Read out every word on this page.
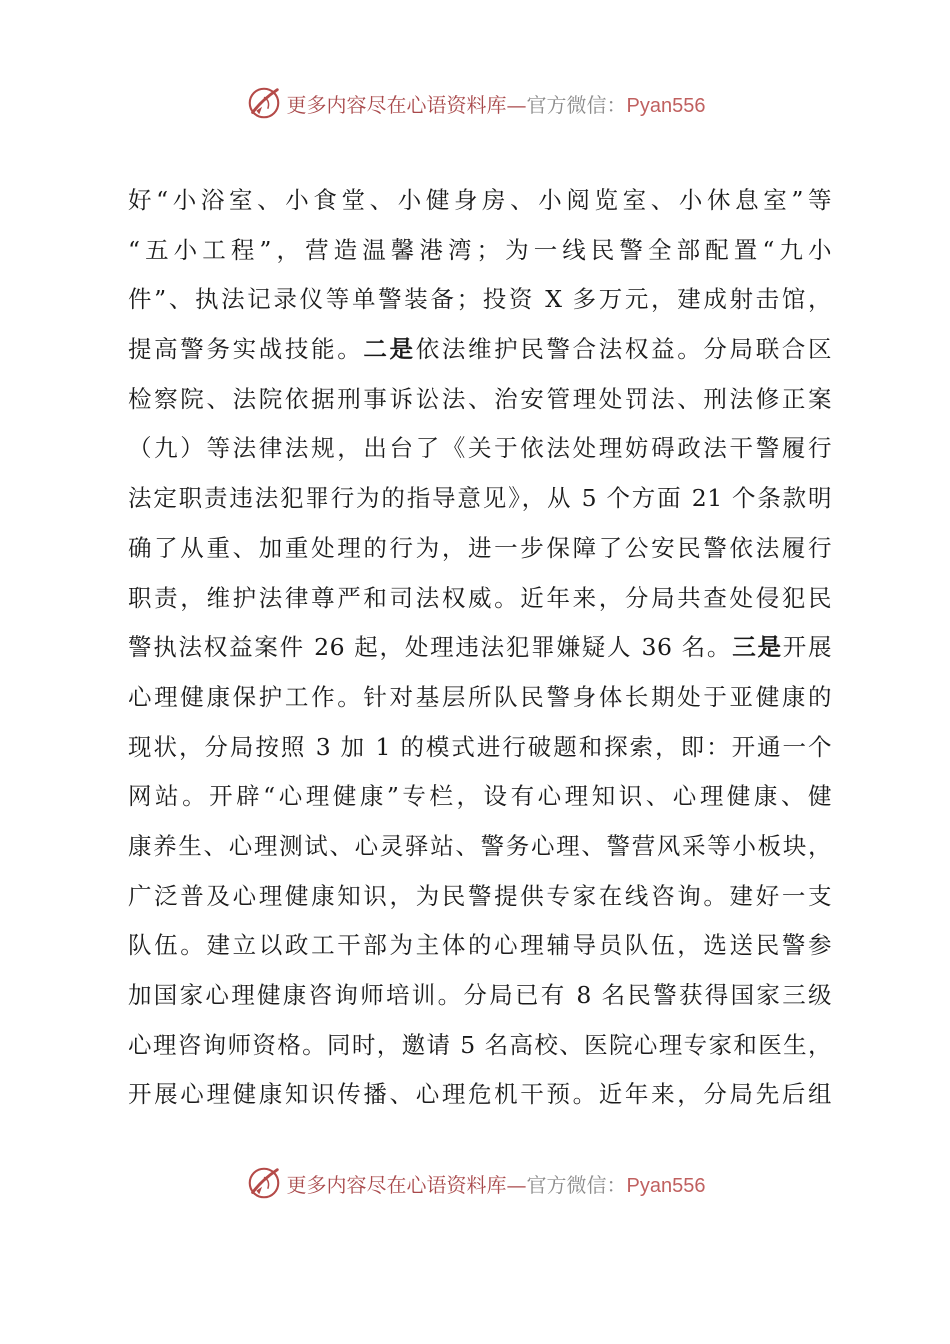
更多内容尽在心语资料库—官方微信：Pyan556
好“小浴室、小食堂、小健身房、小阅览室、小休息室”等
“五小工程”，营造温馨港湾；为一线民警全部配置“九小
件”、执法记录仪等单警装备；投资 X 多万元，建成射击馆，
提高警务实战技能。二是依法维护民警合法权益。分局联合区
检察院、法院依据刑事诉讼法、治安管理处罚法、刑法修正案
（九）等法律法规，出台了《关于依法处理妨碍政法干警履行
法定职责违法犯罪行为的指导意见》，从 5 个方面 21 个条款明
确了从重、加重处理的行为，进一步保障了公安民警依法履行
职责，维护法律尊严和司法权威。近年来，分局共查处侵犯民
警执法权益案件 26 起，处理违法犯罪嫌疑人 36 名。三是开展
心理健康保护工作。针对基层所队民警身体长期处于亚健康的
现状，分局按照 3 加 1 的模式进行破题和探索，即：开通一个
网站。开辟“心理健康”专栏，设有心理知识、心理健康、健
康养生、心理测试、心灵驿站、警务心理、警营风采等小板块，
广泛普及心理健康知识，为民警提供专家在线咨询。建好一支
队伍。建立以政工干部为主体的心理辅导员队伍，选送民警参
加国家心理健康咨询师培训。分局已有 8 名民警获得国家三级
心理咨询师资格。同时，邀请 5 名高校、医院心理专家和医生，
开展心理健康知识传播、心理危机干预。近年来，分局先后组
更多内容尽在心语资料库—官方微信：Pyan556
